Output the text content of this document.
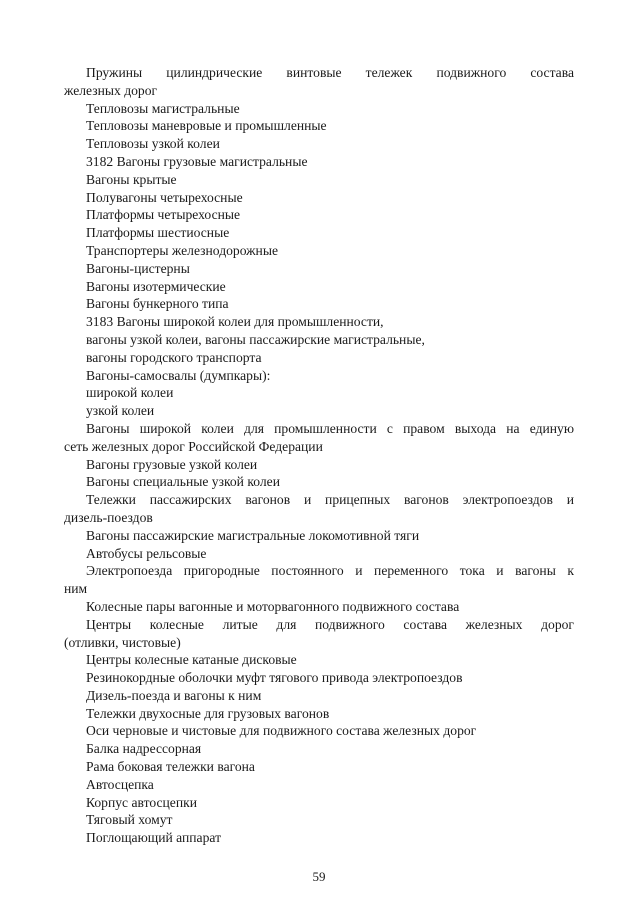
Пружины цилиндрические винтовые тележек подвижного состава

железных дорог

Тепловозы магистральные

Тепловозы маневровые и промышленные

Тепловозы узкой колеи

3182 Вагоны грузовые магистральные

Вагоны крытые

Полувагоны четырехосные

Платформы четырехосные

Платформы шестиосные

Транспортеры железнодорожные

Вагоны-цистерны

Вагоны изотермические

Вагоны бункерного типа

3183 Вагоны широкой колеи для промышленности,

вагоны узкой колеи, вагоны пассажирские магистральные,

вагоны городского транспорта

Вагоны-самосвалы (думпкары):

широкой колеи

узкой колеи

Вагоны широкой колеи для промышленности с правом выхода на единую

сеть железных дорог Российской Федерации

Вагоны грузовые узкой колеи

Вагоны специальные узкой колеи

Тележки пассажирских вагонов и прицепных вагонов электропоездов и

дизель-поездов

Вагоны пассажирские магистральные локомотивной тяги

Автобусы рельсовые

Электропоезда пригородные постоянного и переменного тока и вагоны к

ним

Колесные пары вагонные и моторвагонного подвижного состава

Центры колесные литые для подвижного состава железных дорог

(отливки, чистовые)

Центры колесные катаные дисковые

Резинокордные оболочки муфт тягового привода электропоездов

Дизель-поезда и вагоны к ним

Тележки двухосные для грузовых вагонов

Оси черновые и чистовые для подвижного состава железных дорог

Балка надрессорная

Рама боковая тележки вагона

Автосцепка

Корпус автосцепки

Тяговый хомут

Поглощающий аппарат

59
